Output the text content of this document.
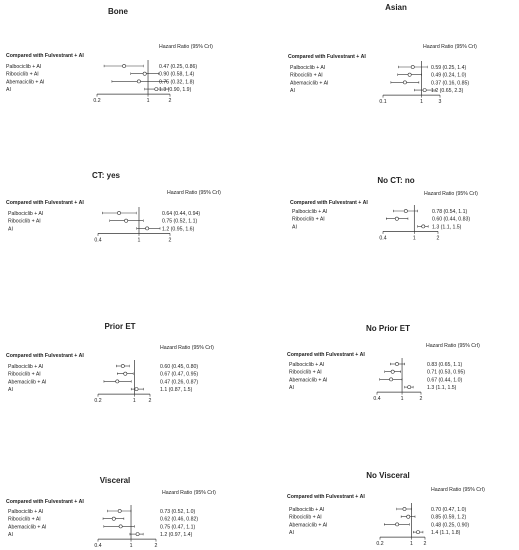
Bone
Compared with Fulvestrant + AI
Hazard Ratio (95% CrI)
0.2	1	2
Palbociclib + AI	0.47 (0.25, 0.86)
Ribociclib + AI	0.90 (0.58, 1.4)
Abemaciclib + AI	0.75 (0.32, 1.8)
AI	1.3 (0.90, 1.9)
Asian
Compared with Fulvestrant + AI
Hazard Ratio (95% CrI)
0.1	1	3
Palbociclib + AI	0.59 (0.25, 1.4)
Ribociclib + AI	0.49 (0.24, 1.0)
Abemaciclib + AI	0.37 (0.16, 0.85)
AI	1.2 (0.65, 2.3)
CT: yes
Compared with Fulvestrant + AI
Hazard Ratio (95% CrI)
0.4	1	2
Palbociclib + AI	0.64 (0.44, 0.94)
Ribociclib + AI	0.75 (0.52, 1.1)
AI	1.2 (0.95, 1.6)
No CT: no
Compared with Fulvestrant + AI
Hazard Ratio (95% CrI)
0.4	1	2
Palbociclib + AI	0.78 (0.54, 1.1)
Ribociclib + AI	0.60 (0.44, 0.83)
AI	1.3 (1.1, 1.5)
Prior ET
Compared with Fulvestrant + AI
Hazard Ratio (95% CrI)
0.2	1 2
Palbociclib + AI	0.60 (0.45, 0.80)
Ribociclib + AI	0.67 (0.47, 0.95)
Abemaciclib + AI	0.47 (0.26, 0.87)
AI	1.1 (0.87, 1.5)
No Prior ET
Compared with Fulvestrant + AI
Hazard Ratio (95% CrI)
0.4	1	2
Palbociclib + AI	0.83 (0.65, 1.1)
Ribociclib + AI	0.71 (0.53, 0.95)
Abemaciclib + AI	0.67 (0.44, 1.0)
AI	1.3 (1.1, 1.5)
Visceral
Compared with Fulvestrant + AI
Hazard Ratio (95% CrI)
0.4	1	2
Palbociclib + AI	0.73 (0.52, 1.0)
Ribociclib + AI	0.62 (0.46, 0.82)
Abemaciclib + AI	0.75 (0.47, 1.1)
AI	1.2 (0.97, 1.4)
No Visceral
Compared with Fulvestrant + AI
Hazard Ratio (95% CrI)
0.2	1 2
Palbociclib + AI	0.70 (0.47, 1.0)
Ribociclib + AI	0.85 (0.59, 1.2)
Abemaciclib + AI	0.48 (0.25, 0.90)
AI	1.4 (1.1, 1.8)
